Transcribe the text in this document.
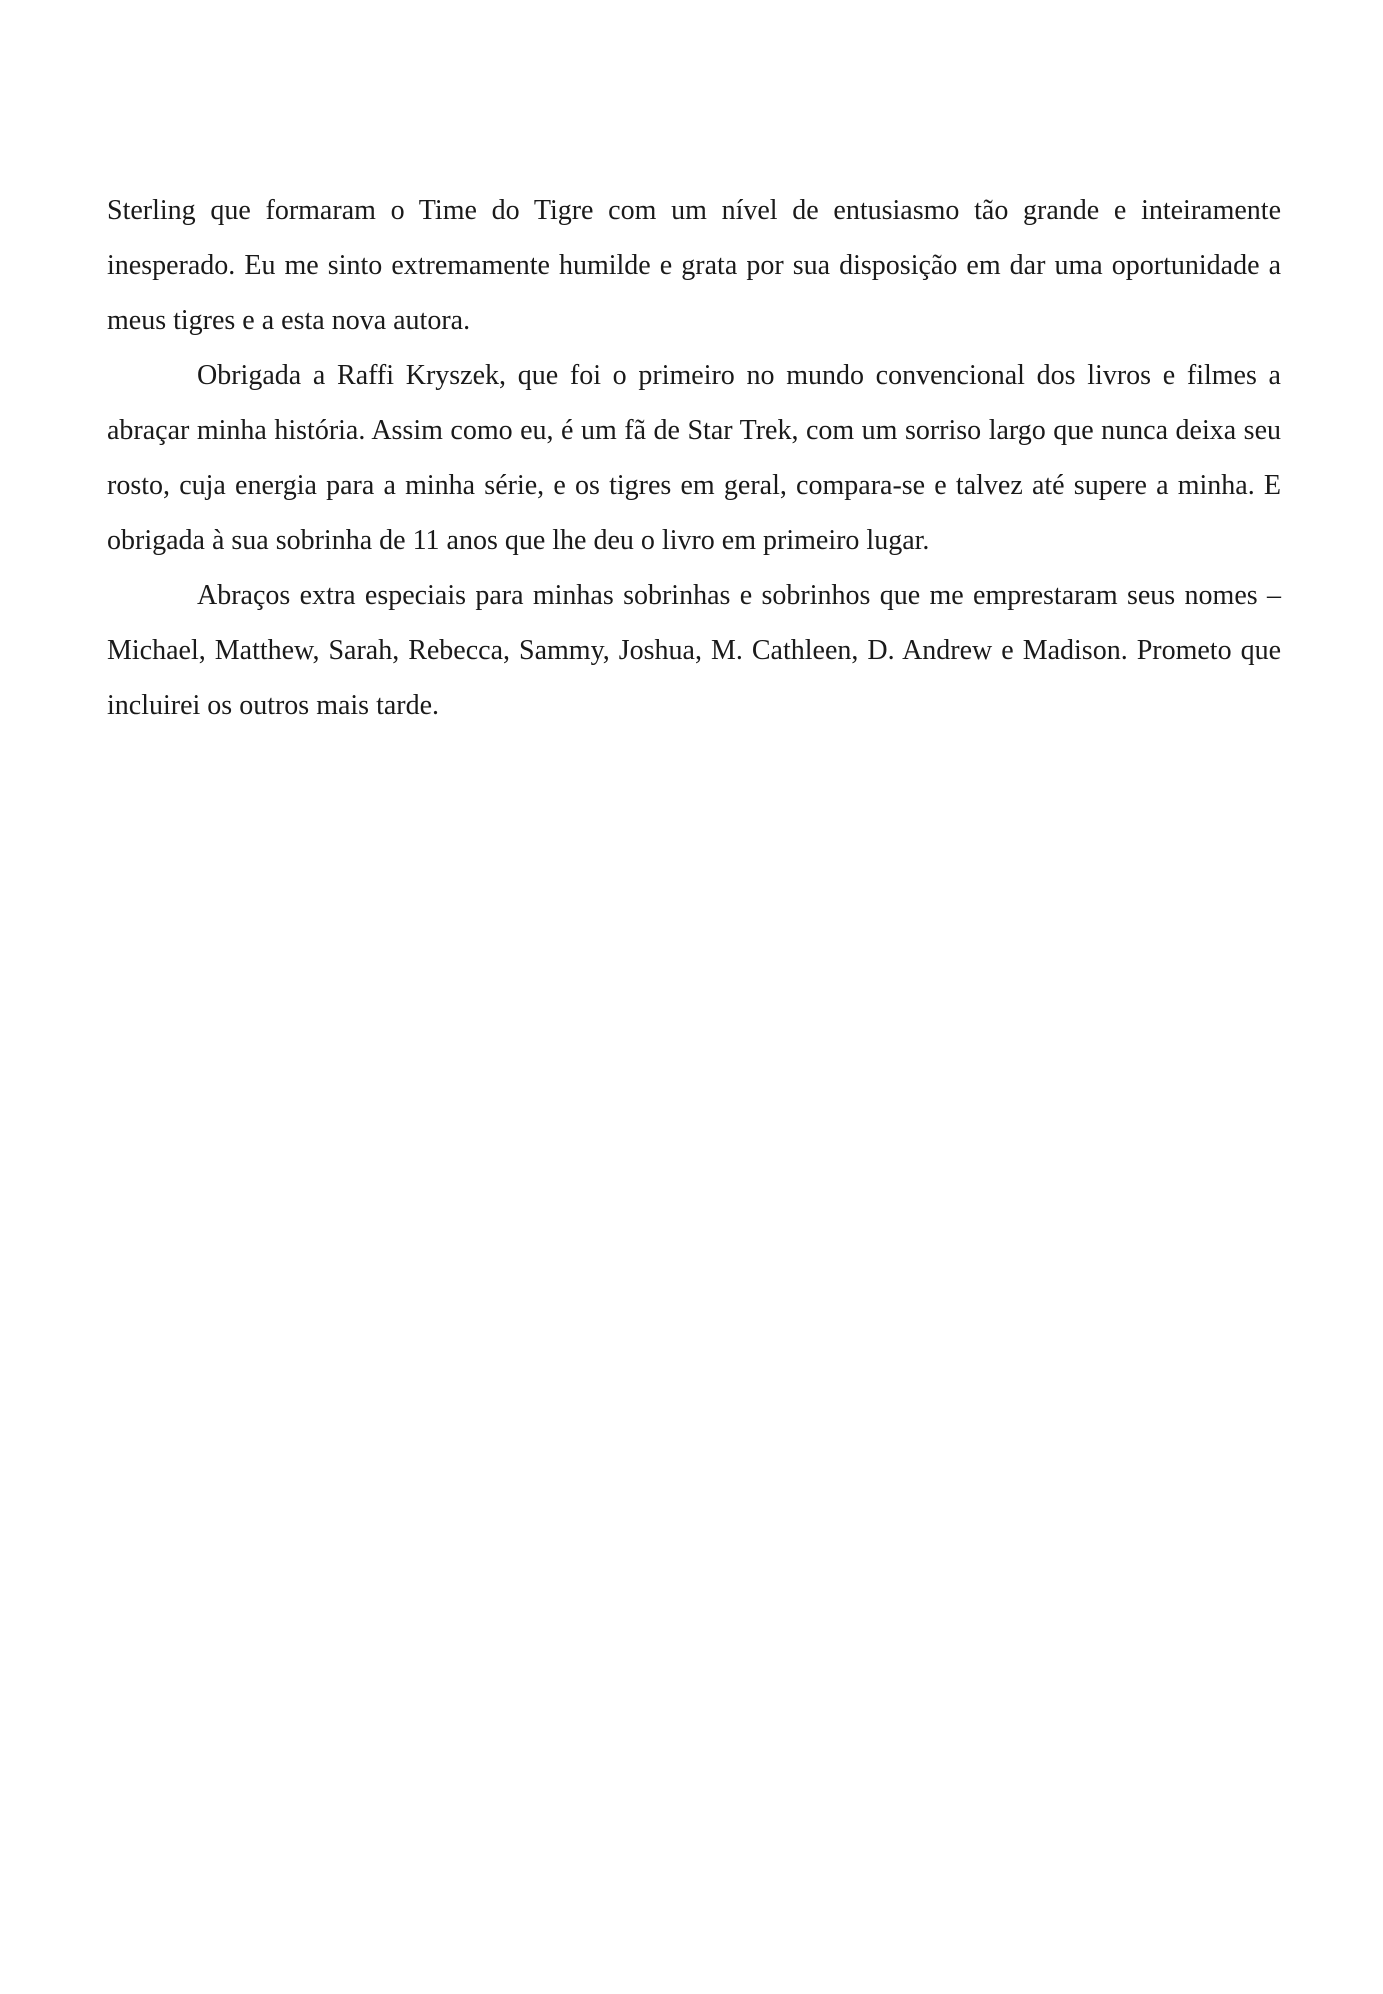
Sterling que formaram o Time do Tigre com um nível de entusiasmo tão grande e inteiramente inesperado. Eu me sinto extremamente humilde e grata por sua disposição em dar uma oportunidade a meus tigres e a esta nova autora.

Obrigada a Raffi Kryszek, que foi o primeiro no mundo convencional dos livros e filmes a abraçar minha história. Assim como eu, é um fã de Star Trek, com um sorriso largo que nunca deixa seu rosto, cuja energia para a minha série, e os tigres em geral, compara-se e talvez até supere a minha. E obrigada à sua sobrinha de 11 anos que lhe deu o livro em primeiro lugar.

Abraços extra especiais para minhas sobrinhas e sobrinhos que me emprestaram seus nomes – Michael, Matthew, Sarah, Rebecca, Sammy, Joshua, M. Cathleen, D. Andrew e Madison. Prometo que incluirei os outros mais tarde.
